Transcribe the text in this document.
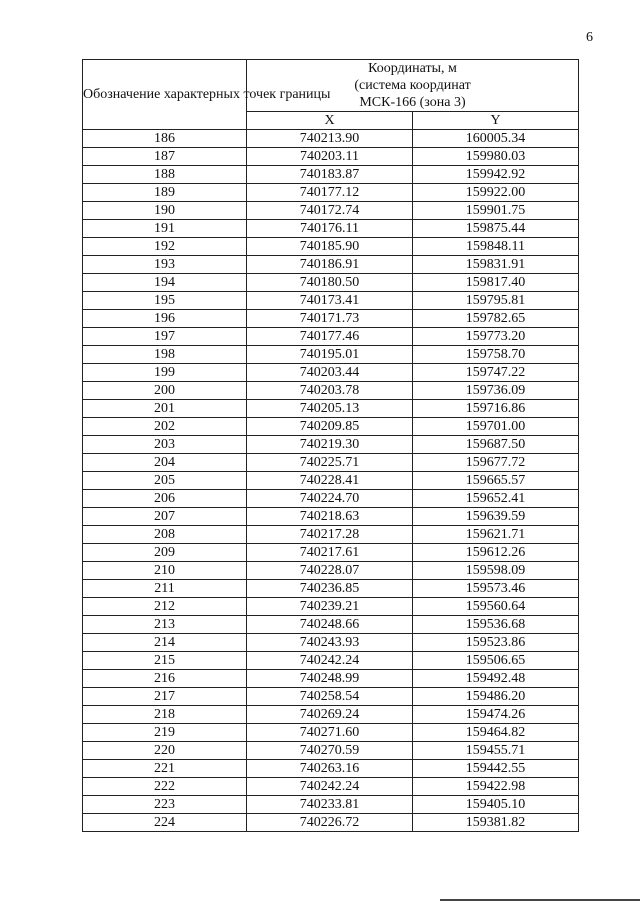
6
Обозначение характерных точек границы	Координаты, м
(система координат
МСК-166 (зона 3)	

	X	Y
186	740213.90	160005.34
187	740203.11	159980.03
188	740183.87	159942.92
189	740177.12	159922.00
190	740172.74	159901.75
191	740176.11	159875.44
192	740185.90	159848.11
193	740186.91	159831.91
194	740180.50	159817.40
195	740173.41	159795.81
196	740171.73	159782.65
197	740177.46	159773.20
198	740195.01	159758.70
199	740203.44	159747.22
200	740203.78	159736.09
201	740205.13	159716.86
202	740209.85	159701.00
203	740219.30	159687.50
204	740225.71	159677.72
205	740228.41	159665.57
206	740224.70	159652.41
207	740218.63	159639.59
208	740217.28	159621.71
209	740217.61	159612.26
210	740228.07	159598.09
211	740236.85	159573.46
212	740239.21	159560.64
213	740248.66	159536.68
214	740243.93	159523.86
215	740242.24	159506.65
216	740248.99	159492.48
217	740258.54	159486.20
218	740269.24	159474.26
219	740271.60	159464.82
220	740270.59	159455.71
221	740263.16	159442.55
222	740242.24	159422.98
223	740233.81	159405.10
224	740226.72	159381.82
